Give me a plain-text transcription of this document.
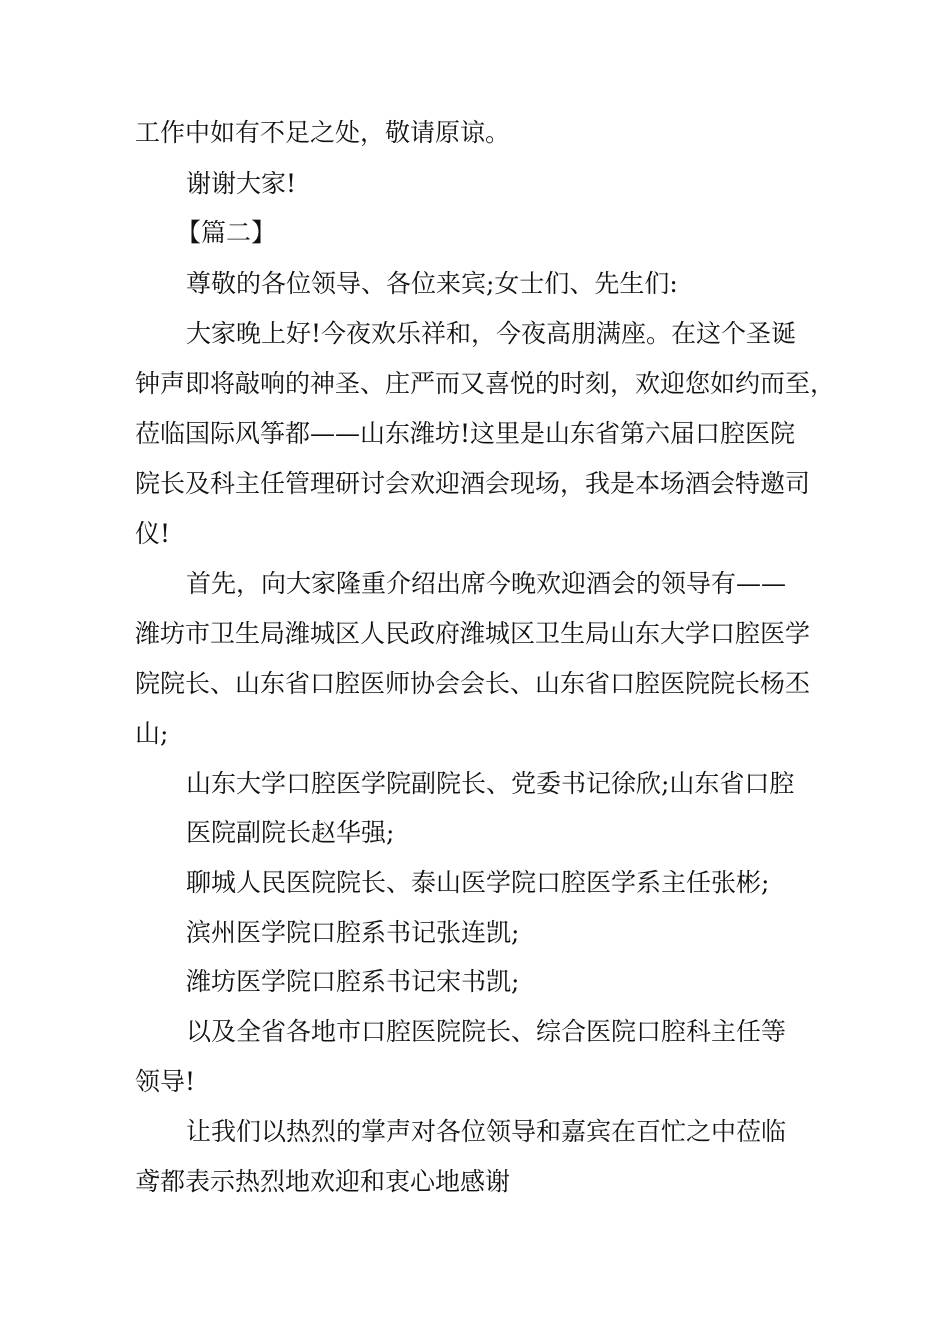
工作中如有不足之处，敬请原谅。
谢谢大家!
【篇二】
尊敬的各位领导、各位来宾;女士们、先生们:
大家晚上好!今夜欢乐祥和，今夜高朋满座。在这个圣诞
钟声即将敲响的神圣、庄严而又喜悦的时刻，欢迎您如约而至，
莅临国际风筝都——山东潍坊!这里是山东省第六届口腔医院
院长及科主任管理研讨会欢迎酒会现场，我是本场酒会特邀司
仪!
首先，向大家隆重介绍出席今晚欢迎酒会的领导有——
潍坊市卫生局潍城区人民政府潍城区卫生局山东大学口腔医学
院院长、山东省口腔医师协会会长、山东省口腔医院院长杨丕
山;
山东大学口腔医学院副院长、党委书记徐欣;山东省口腔
医院副院长赵华强;
聊城人民医院院长、泰山医学院口腔医学系主任张彬;
滨州医学院口腔系书记张连凯;
潍坊医学院口腔系书记宋书凯;
以及全省各地市口腔医院院长、综合医院口腔科主任等
领导!
让我们以热烈的掌声对各位领导和嘉宾在百忙之中莅临
鸢都表示热烈地欢迎和衷心地感谢
